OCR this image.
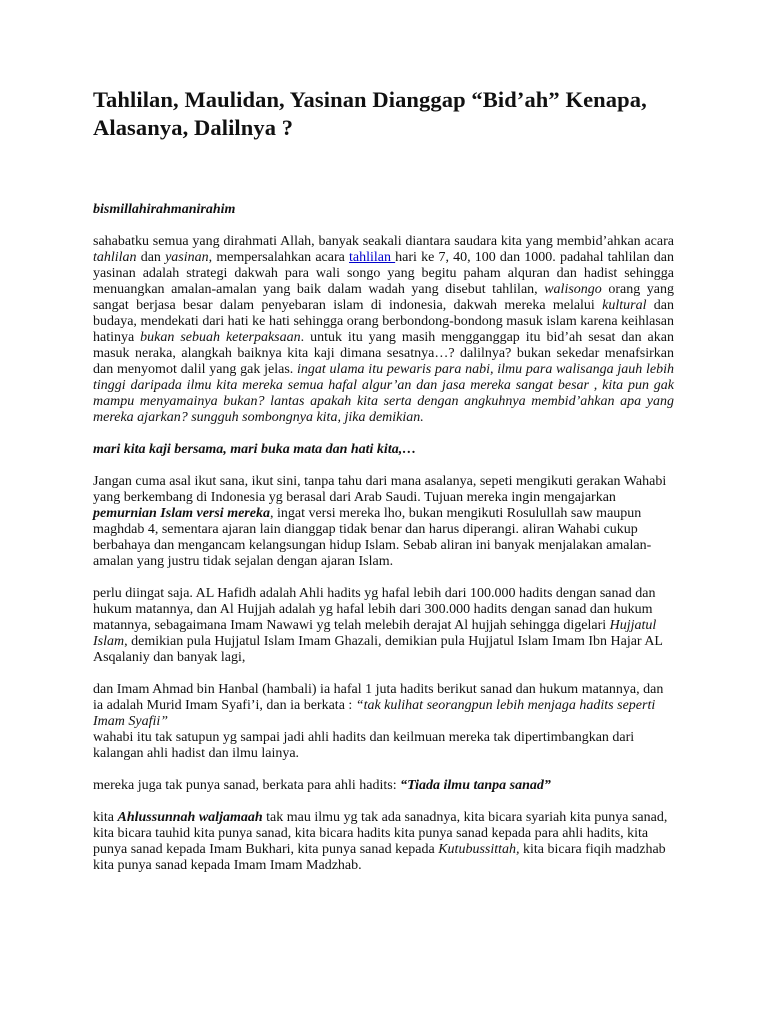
Tahlilan, Maulidan, Yasinan Dianggap “Bid’ah” Kenapa, Alasanya, Dalilnya ?

bismillahirahmanirahim

sahabatku semua yang dirahmati Allah, banyak seakali diantara saudara kita yang membid’ahkan acara tahlilan dan yasinan, mempersalahkan acara tahlilan hari ke 7, 40, 100 dan 1000. padahal tahlilan dan yasinan adalah strategi dakwah para wali songo yang begitu paham alquran dan hadist sehingga menuangkan amalan-amalan yang baik dalam wadah yang disebut tahlilan, walisongo orang yang sangat berjasa besar dalam penyebaran islam di indonesia, dakwah mereka melalui kultural dan budaya, mendekati dari hati ke hati sehingga orang berbondong-bondong masuk islam karena keihlasan hatinya bukan sebuah keterpaksaan. untuk itu yang masih mengganggap itu bid’ah sesat dan akan masuk neraka, alangkah baiknya kita kaji dimana sesatnya…? dalilnya? bukan sekedar menafsirkan dan menyomot dalil yang gak jelas. ingat ulama itu pewaris para nabi, ilmu para walisanga jauh lebih tinggi daripada ilmu kita mereka semua hafal algur’an dan jasa mereka sangat besar , kita pun gak mampu menyamainya bukan? lantas apakah kita serta dengan angkuhnya membid’ahkan apa yang mereka ajarkan? sungguh sombongnya kita, jika demikian.

mari kita kaji bersama, mari buka mata dan hati kita,…

Jangan cuma asal ikut sana, ikut sini, tanpa tahu dari mana asalanya, sepeti mengikuti gerakan Wahabi yang berkembang di Indonesia yg berasal dari Arab Saudi. Tujuan mereka ingin mengajarkan pemurnian Islam versi mereka, ingat versi mereka lho, bukan mengikuti Rosulullah saw maupun maghdab 4, sementara ajaran lain dianggap tidak benar dan harus diperangi. aliran Wahabi cukup berbahaya dan mengancam kelangsungan hidup Islam. Sebab aliran ini banyak menjalakan amalan-amalan yang justru tidak sejalan dengan ajaran Islam.

perlu diingat saja. AL Hafidh adalah Ahli hadits yg hafal lebih dari 100.000 hadits dengan sanad dan hukum matannya, dan Al Hujjah adalah yg hafal lebih dari 300.000 hadits dengan sanad dan hukum matannya, sebagaimana Imam Nawawi yg telah melebih derajat Al hujjah sehingga digelari Hujjatul Islam, demikian pula Hujjatul Islam Imam Ghazali, demikian pula Hujjatul Islam Imam Ibn Hajar AL Asqalaniy dan banyak lagi,

dan Imam Ahmad bin Hanbal (hambali) ia hafal 1 juta hadits berikut sanad dan hukum matannya, dan ia adalah Murid Imam Syafi’i, dan ia berkata : “tak kulihat seorangpun lebih menjaga hadits seperti Imam Syafii”
wahabi itu tak satupun yg sampai jadi ahli hadits dan keilmuan mereka tak dipertimbangkan dari kalangan ahli hadist dan ilmu lainya.

mereka juga tak punya sanad, berkata para ahli hadits: “Tiada ilmu tanpa sanad”

kita Ahlussunnah waljamaah tak mau ilmu yg tak ada sanadnya, kita bicara syariah kita punya sanad, kita bicara tauhid kita punya sanad, kita bicara hadits kita punya sanad kepada para ahli hadits, kita punya sanad kepada Imam Bukhari, kita punya sanad kepada Kutubussittah, kita bicara fiqih madzhab kita punya sanad kepada Imam Imam Madzhab.
